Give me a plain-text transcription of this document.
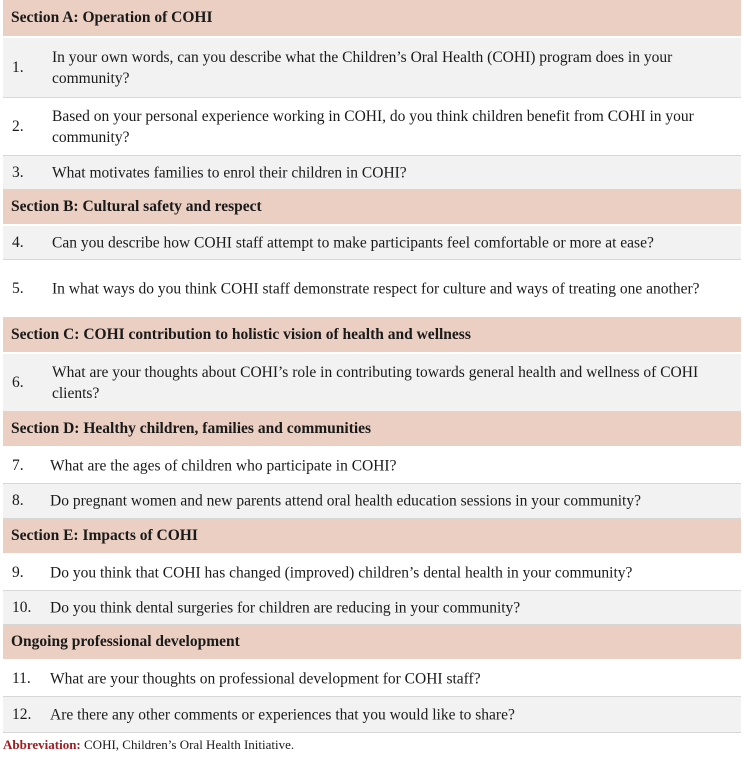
Section A: Operation of COHI
1.
In your own words, can you describe what the Children’s Oral Health (COHI) program does in your community?
2.
Based on your personal experience working in COHI, do you think children benefit from COHI in your community?
3. What motivates families to enrol their children in COHI?
Section B: Cultural safety and respect
4. Can you describe how COHI staff attempt to make participants feel comfortable or more at ease?
5. In what ways do you think COHI staff demonstrate respect for culture and ways of treating one another?
Section C: COHI contribution to holistic vision of health and wellness
6.
What are your thoughts about COHI’s role in contributing towards general health and wellness of COHI clients?
Section D: Healthy children, families and communities
7. What are the ages of children who participate in COHI?
8. Do pregnant women and new parents attend oral health education sessions in your community?
Section E: Impacts of COHI
9. Do you think that COHI has changed (improved) children’s dental health in your community?
10. Do you think dental surgeries for children are reducing in your community?
Ongoing professional development
11. What are your thoughts on professional development for COHI staff?
12. Are there any other comments or experiences that you would like to share?
Abbreviation: COHI, Children’s Oral Health Initiative.
